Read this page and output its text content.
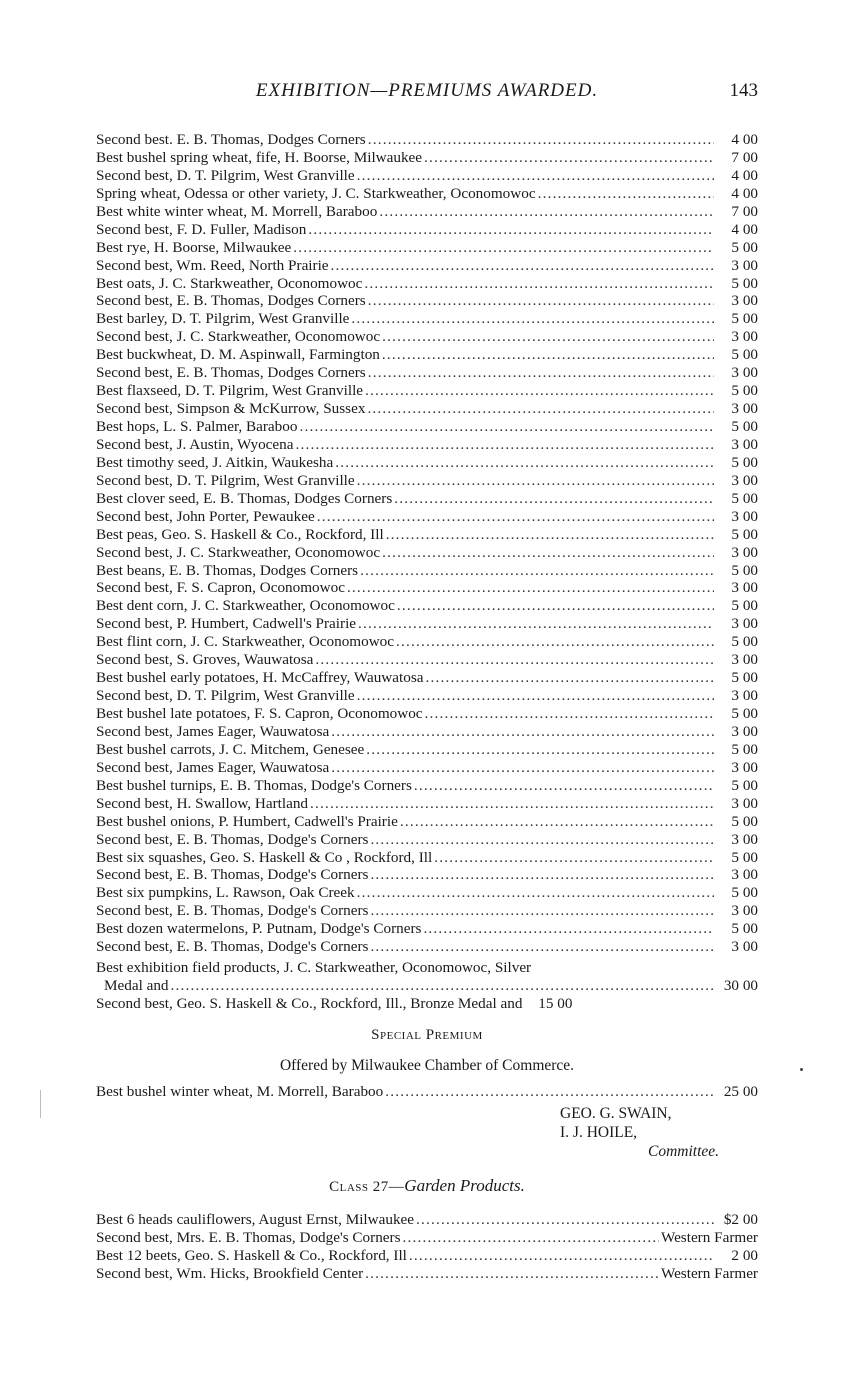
EXHIBITION—PREMIUMS AWARDED.	143
Second best. E. B. Thomas, Dodges Corners .....	4 00
Best bushel spring wheat, fife, H. Boorse, Milwaukee .....	7 00
Second best, D. T. Pilgrim, West Granville .....	4 00
Spring wheat, Odessa or other variety, J. C. Starkweather, Oconomowoc .....	4 00
Best white winter wheat, M. Morrell, Baraboo .....	7 00
Second best, F. D. Fuller, Madison .....	4 00
Best rye, H. Boorse, Milwaukee .....	5 00
Second best, Wm. Reed, North Prairie .....	3 00
Best oats, J. C. Starkweather, Oconomowoc .....	5 00
Second best, E. B. Thomas, Dodges Corners .....	3 00
Best barley, D. T. Pilgrim, West Granville .....	5 00
Second best, J. C. Starkweather, Oconomowoc .....	3 00
Best buckwheat, D. M. Aspinwall, Farmington .....	5 00
Second best, E. B. Thomas, Dodges Corners .....	3 00
Best flaxseed, D. T. Pilgrim, West Granville .....	5 00
Second best, Simpson & McKurrow, Sussex .....	3 00
Best hops, L. S. Palmer, Baraboo .....	5 00
Second best, J. Austin, Wyocena .....	3 00
Best timothy seed, J. Aitkin, Waukesha .....	5 00
Second best, D. T. Pilgrim, West Granville .....	3 00
Best clover seed, E. B. Thomas, Dodges Corners .....	5 00
Second best, John Porter, Pewaukee .....	3 00
Best peas, Geo. S. Haskell & Co., Rockford, Ill .....	5 00
Second best, J. C. Starkweather, Oconomowoc .....	3 00
Best beans, E. B. Thomas, Dodges Corners .....	5 00
Second best, F. S. Capron, Oconomowoc .....	3 00
Best dent corn, J. C. Starkweather, Oconomowoc .....	5 00
Second best, P. Humbert, Cadwell's Prairie .....	3 00
Best flint corn, J. C. Starkweather, Oconomowoc .....	5 00
Second best, S. Groves, Wauwatosa .....	3 00
Best bushel early potatoes, H. McCaffrey, Wauwatosa .....	5 00
Second best, D. T. Pilgrim, West Granville .....	3 00
Best bushel late potatoes, F. S. Capron, Oconomowoc .....	5 00
Second best, James Eager, Wauwatosa .....	3 00
Best bushel carrots, J. C. Mitchem, Genesee .....	5 00
Second best, James Eager, Wauwatosa .....	3 00
Best bushel turnips, E. B. Thomas, Dodge's Corners .....	5 00
Second best, H. Swallow, Hartland .....	3 00
Best bushel onions, P. Humbert, Cadwell's Prairie .....	5 00
Second best, E. B. Thomas, Dodge's Corners .....	3 00
Best six squashes, Geo. S. Haskell & Co , Rockford, Ill .....	5 00
Second best, E. B. Thomas, Dodge's Corners .....	3 00
Best six pumpkins, L. Rawson, Oak Creek .....	5 00
Second best, E. B. Thomas, Dodge's Corners .....	3 00
Best dozen watermelons, P. Putnam, Dodge's Corners .....	5 00
Second best, E. B. Thomas, Dodge's Corners .....	3 00
Best exhibition field products, J. C. Starkweather, Oconomowoc, Silver
Medal and .....	30 00
Second best, Geo. S. Haskell & Co., Rockford, Ill., Bronze Medal and	15 00
Special Premium
Offered by Milwaukee Chamber of Commerce.
Best bushel winter wheat, M. Morrell, Baraboo .....	25 00
GEO. G. SWAIN,
I. J. HOILE,
Committee.
Class 27—Garden Products.
Best 6 heads cauliflowers, August Ernst, Milwaukee .....	$2 00
Second best, Mrs. E. B. Thomas, Dodge's Corners .....	Western Farmer
Best 12 beets, Geo. S. Haskell & Co., Rockford, Ill .....	2 00
Second best, Wm. Hicks, Brookfield Center .....	Western Farmer
